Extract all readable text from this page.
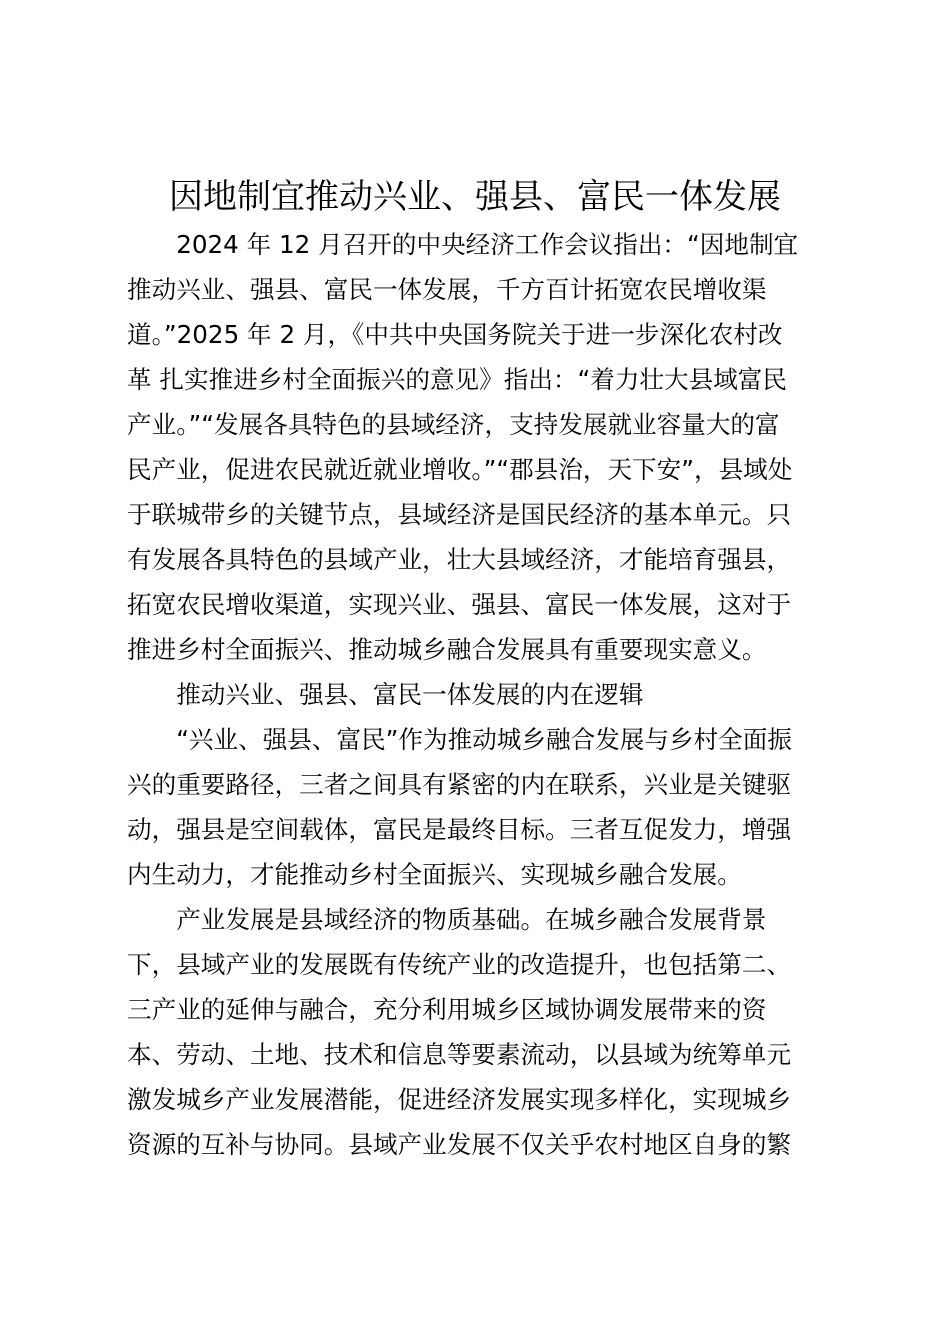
因地制宜推动兴业、强县、富民一体发展

　　2024 年 12 月召开的中央经济工作会议指出：“因地制宜

推动兴业、强县、富民一体发展，千方百计拓宽农民增收渠

道。”2025 年 2 月，《中共中央国务院关于进一步深化农村改

革 扎实推进乡村全面振兴的意见》指出：“着力壮大县域富民

产业。”“发展各具特色的县域经济，支持发展就业容量大的富

民产业，促进农民就近就业增收。”“郡县治，天下安”，县域处

于联城带乡的关键节点，县域经济是国民经济的基本单元。只

有发展各具特色的县域产业，壮大县域经济，才能培育强县，

拓宽农民增收渠道，实现兴业、强县、富民一体发展，这对于

推进乡村全面振兴、推动城乡融合发展具有重要现实意义。

　　推动兴业、强县、富民一体发展的内在逻辑

　　“兴业、强县、富民”作为推动城乡融合发展与乡村全面振

兴的重要路径，三者之间具有紧密的内在联系，兴业是关键驱

动，强县是空间载体，富民是最终目标。三者互促发力，增强

内生动力，才能推动乡村全面振兴、实现城乡融合发展。

　　产业发展是县域经济的物质基础。在城乡融合发展背景

下，县域产业的发展既有传统产业的改造提升，也包括第二、

三产业的延伸与融合，充分利用城乡区域协调发展带来的资

本、劳动、土地、技术和信息等要素流动，以县域为统筹单元

激发城乡产业发展潜能，促进经济发展实现多样化，实现城乡

资源的互补与协同。县域产业发展不仅关乎农村地区自身的繁
